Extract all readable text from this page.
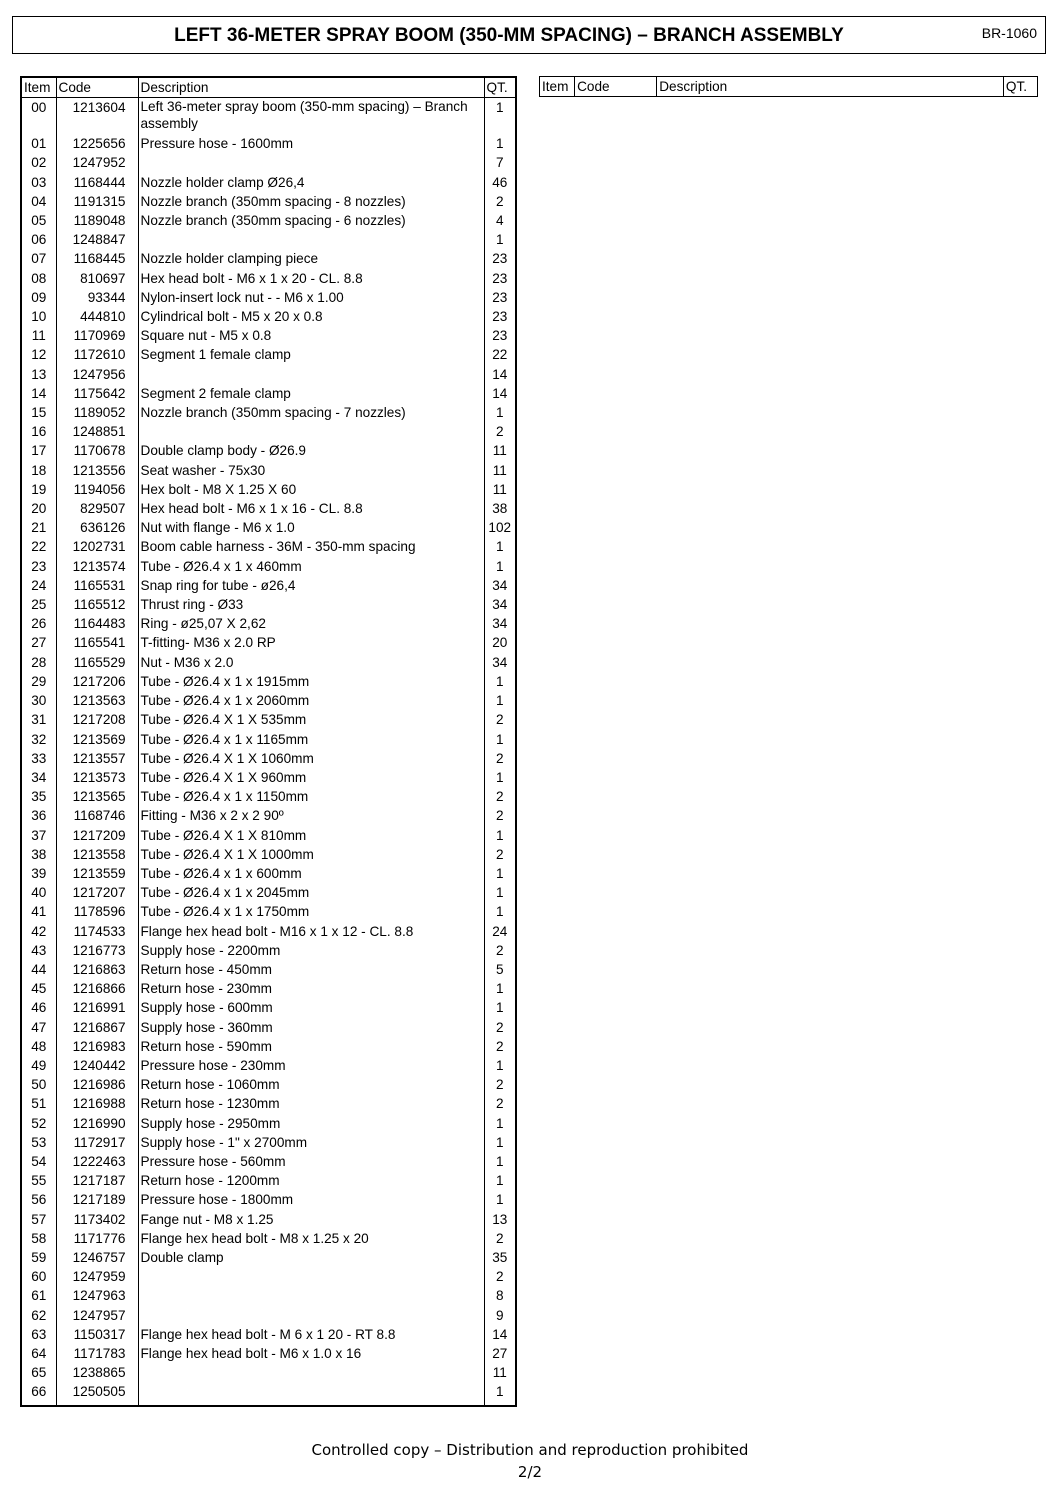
LEFT 36-METER SPRAY BOOM (350-MM SPACING) – BRANCH ASSEMBLY	BR-1060
Item	Code	Description	QT.
00	1213604	Left 36-meter spray boom (350-mm spacing) – Branch assembly	1
01	1225656	Pressure hose - 1600mm	1
02	1247952		7
03	1168444	Nozzle holder clamp Ø26,4	46
04	1191315	Nozzle branch (350mm spacing - 8 nozzles)	2
05	1189048	Nozzle branch (350mm spacing - 6 nozzles)	4
06	1248847		1
07	1168445	Nozzle holder clamping piece	23
08	810697	Hex head bolt - M6 x 1 x 20 - CL. 8.8	23
09	93344	Nylon-insert lock nut - - M6 x 1.00	23
10	444810	Cylindrical bolt - M5 x 20 x 0.8	23
11	1170969	Square nut - M5 x 0.8	23
12	1172610	Segment 1 female clamp	22
13	1247956		14
14	1175642	Segment 2 female clamp	14
15	1189052	Nozzle branch (350mm spacing - 7 nozzles)	1
16	1248851		2
17	1170678	Double clamp body - Ø26.9	11
18	1213556	Seat washer - 75x30	11
19	1194056	Hex bolt - M8 X 1.25 X 60	11
20	829507	Hex head bolt - M6 x 1 x 16 - CL. 8.8	38
21	636126	Nut with flange - M6 x 1.0	102
22	1202731	Boom cable harness - 36M - 350-mm spacing	1
23	1213574	Tube - Ø26.4 x 1 x 460mm	1
24	1165531	Snap ring for tube - ø26,4	34
25	1165512	Thrust ring - Ø33	34
26	1164483	Ring - ø25,07 X 2,62	34
27	1165541	T-fitting- M36 x 2.0 RP	20
28	1165529	Nut - M36 x 2.0	34
29	1217206	Tube - Ø26.4 x 1 x 1915mm	1
30	1213563	Tube - Ø26.4 x 1 x 2060mm	1
31	1217208	Tube - Ø26.4 X 1 X 535mm	2
32	1213569	Tube - Ø26.4 x 1 x 1165mm	1
33	1213557	Tube - Ø26.4 X 1 X 1060mm	2
34	1213573	Tube - Ø26.4 X 1 X 960mm	1
35	1213565	Tube - Ø26.4 x 1 x 1150mm	2
36	1168746	Fitting - M36 x 2 x 2 90º	2
37	1217209	Tube - Ø26.4 X 1 X 810mm	1
38	1213558	Tube - Ø26.4 X 1 X 1000mm	2
39	1213559	Tube - Ø26.4 x 1 x 600mm	1
40	1217207	Tube - Ø26.4 x 1 x 2045mm	1
41	1178596	Tube - Ø26.4 x 1 x 1750mm	1
42	1174533	Flange hex head bolt - M16 x 1 x 12 - CL. 8.8	24
43	1216773	Supply hose - 2200mm	2
44	1216863	Return hose - 450mm	5
45	1216866	Return hose - 230mm	1
46	1216991	Supply hose - 600mm	1
47	1216867	Supply hose - 360mm	2
48	1216983	Return hose - 590mm	2
49	1240442	Pressure hose - 230mm	1
50	1216986	Return hose - 1060mm	2
51	1216988	Return hose - 1230mm	2
52	1216990	Supply hose - 2950mm	1
53	1172917	Supply hose - 1" x 2700mm	1
54	1222463	Pressure hose - 560mm	1
55	1217187	Return hose - 1200mm	1
56	1217189	Pressure hose - 1800mm	1
57	1173402	Fange nut - M8 x 1.25	13
58	1171776	Flange hex head bolt - M8 x 1.25 x 20	2
59	1246757	Double clamp	35
60	1247959		2
61	1247963		8
62	1247957		9
63	1150317	Flange hex head bolt - M 6 x 1 20 - RT 8.8	14
64	1171783	Flange hex head bolt - M6 x 1.0 x 16	27
65	1238865		11
66	1250505		1
Item	Code	Description	QT.
Controlled copy – Distribution and reproduction prohibited
2/2
